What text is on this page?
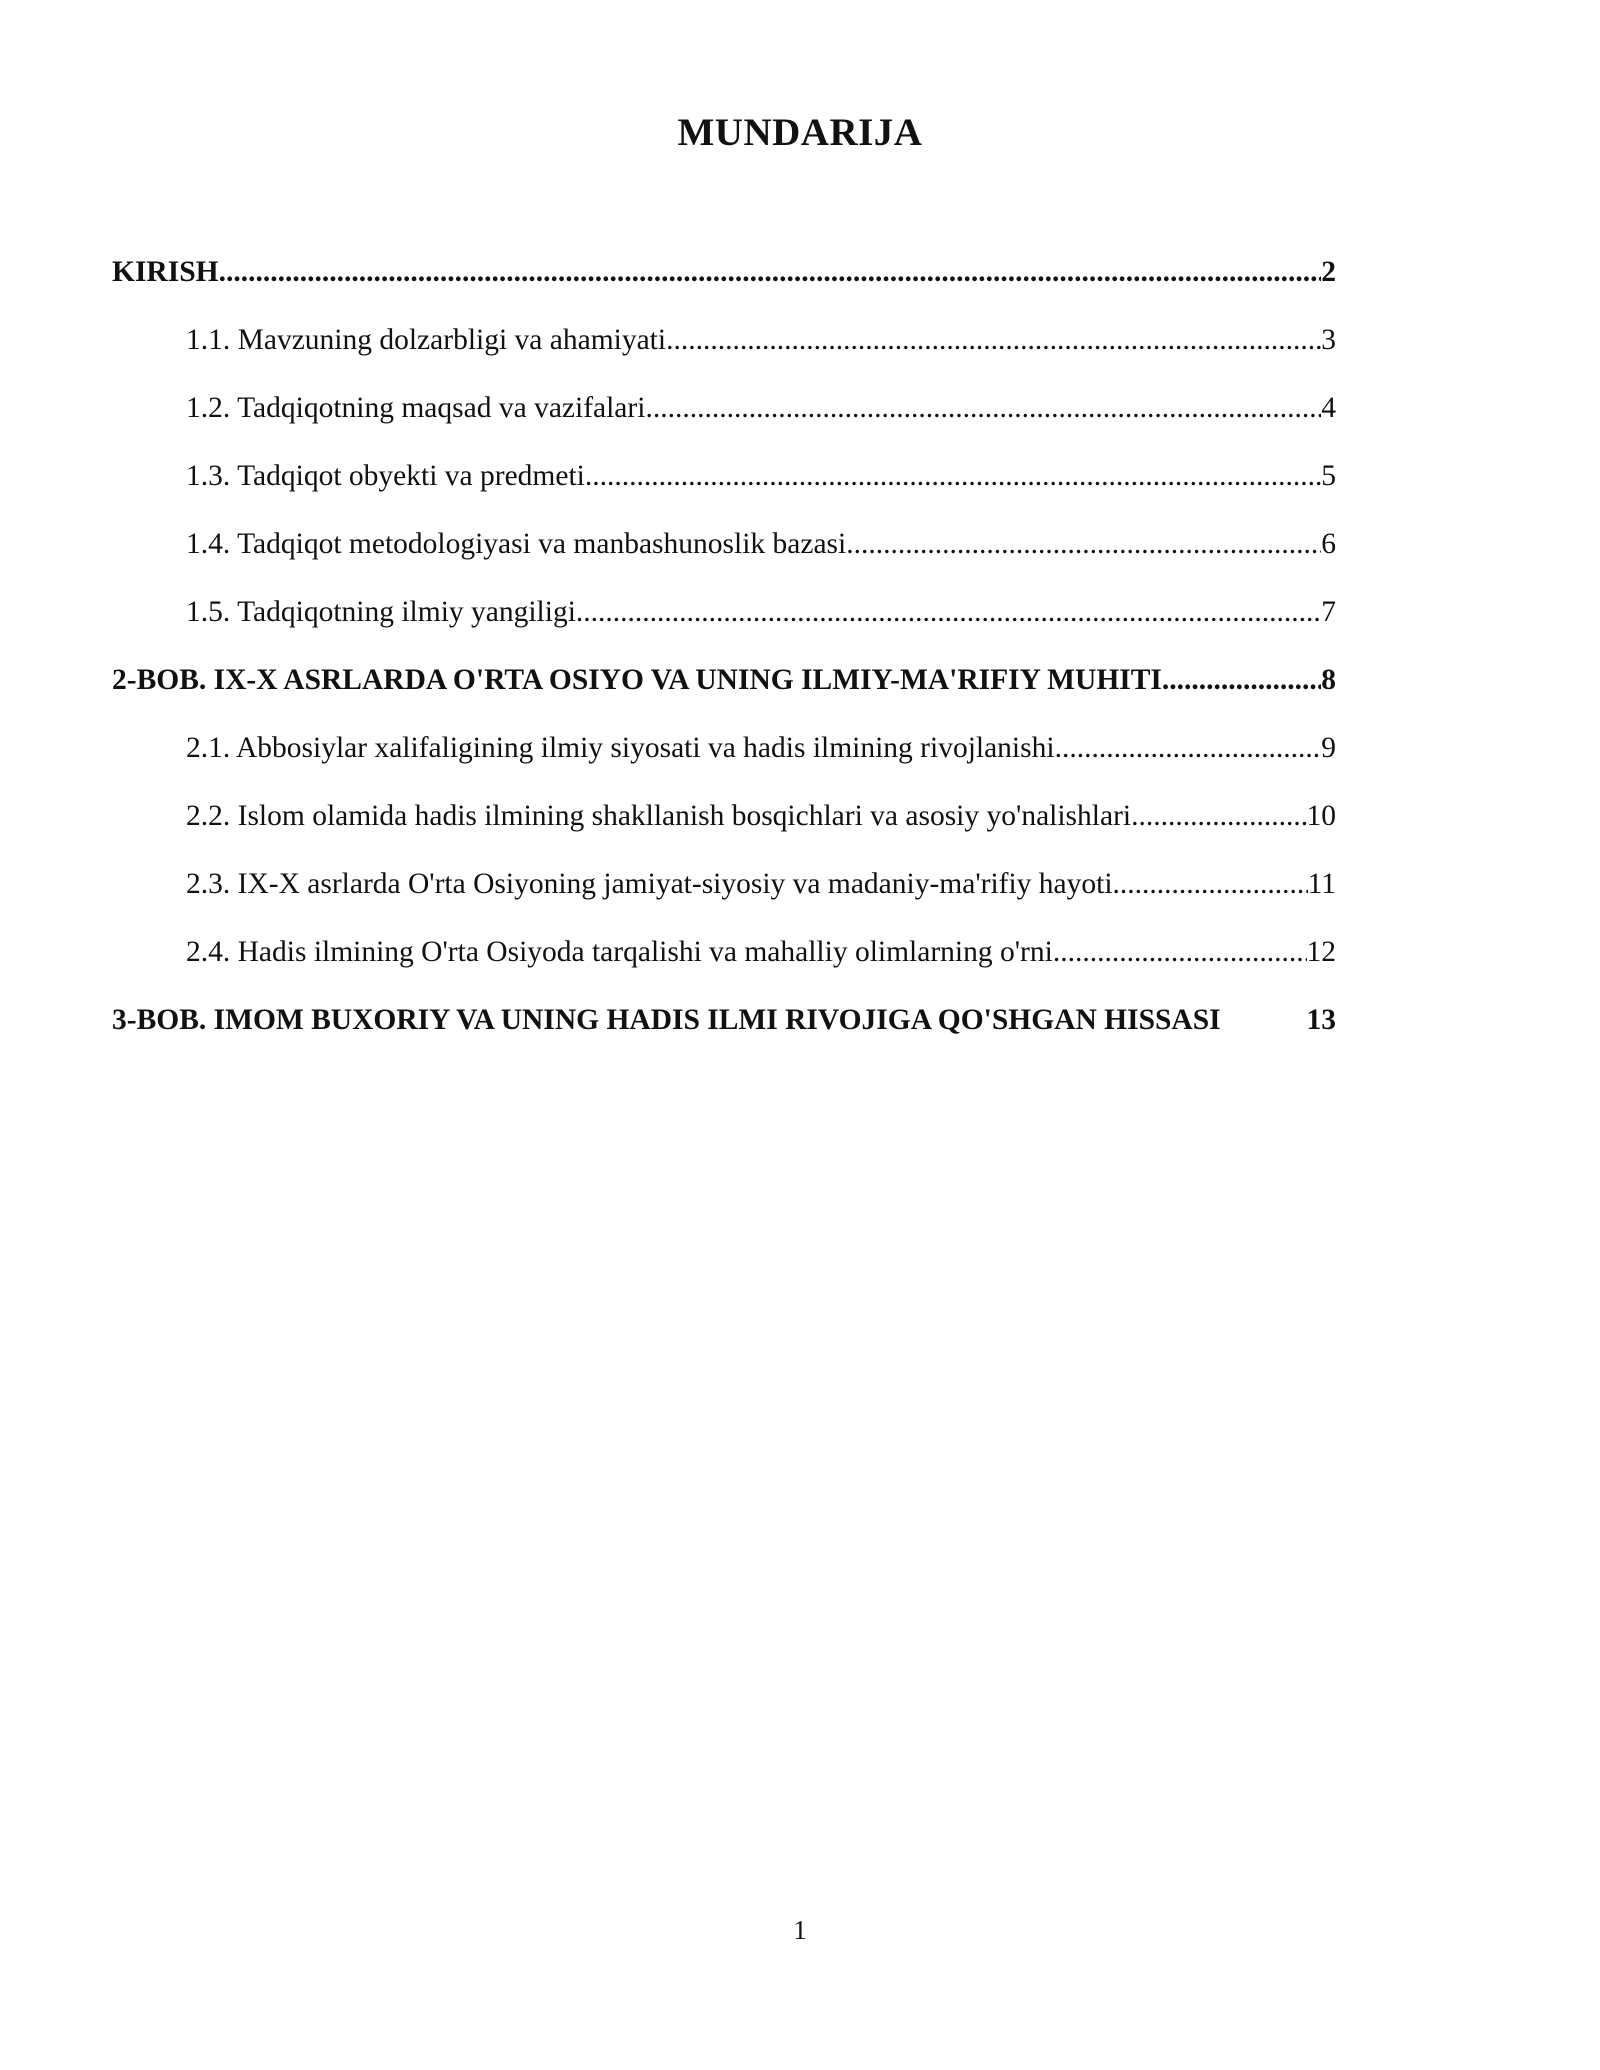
MUNDARIJA
KIRISH .....	2
1.1. Mavzuning dolzarbligi va ahamiyati .....	3
1.2. Tadqiqotning maqsad va vazifalari .....	4
1.3. Tadqiqot obyekti va predmeti .....	5
1.4. Tadqiqot metodologiyasi va manbashunoslik bazasi .....	6
1.5. Tadqiqotning ilmiy yangiligi .....	7
2-BOB. IX-X ASRLARDA O'RTA OSIYO VA UNING ILMIY-MA'RIFIY MUHITI .....	8
2.1. Abbosiylar xalifaligining ilmiy siyosati va hadis ilmining rivojlanishi .....	9
2.2. Islom olamida hadis ilmining shakllanish bosqichlari va asosiy yo'nalishlari .....	10
2.3. IX-X asrlarda O'rta Osiyoning jamiyat-siyosiy va madaniy-ma'rifiy hayoti .....	11
2.4. Hadis ilmining O'rta Osiyoda tarqalishi va mahalliy olimlarning o'rni .....	12
3-BOB. IMOM BUXORIY VA UNING HADIS ILMI RIVOJIGA QO'SHGAN HISSASI	13
1
